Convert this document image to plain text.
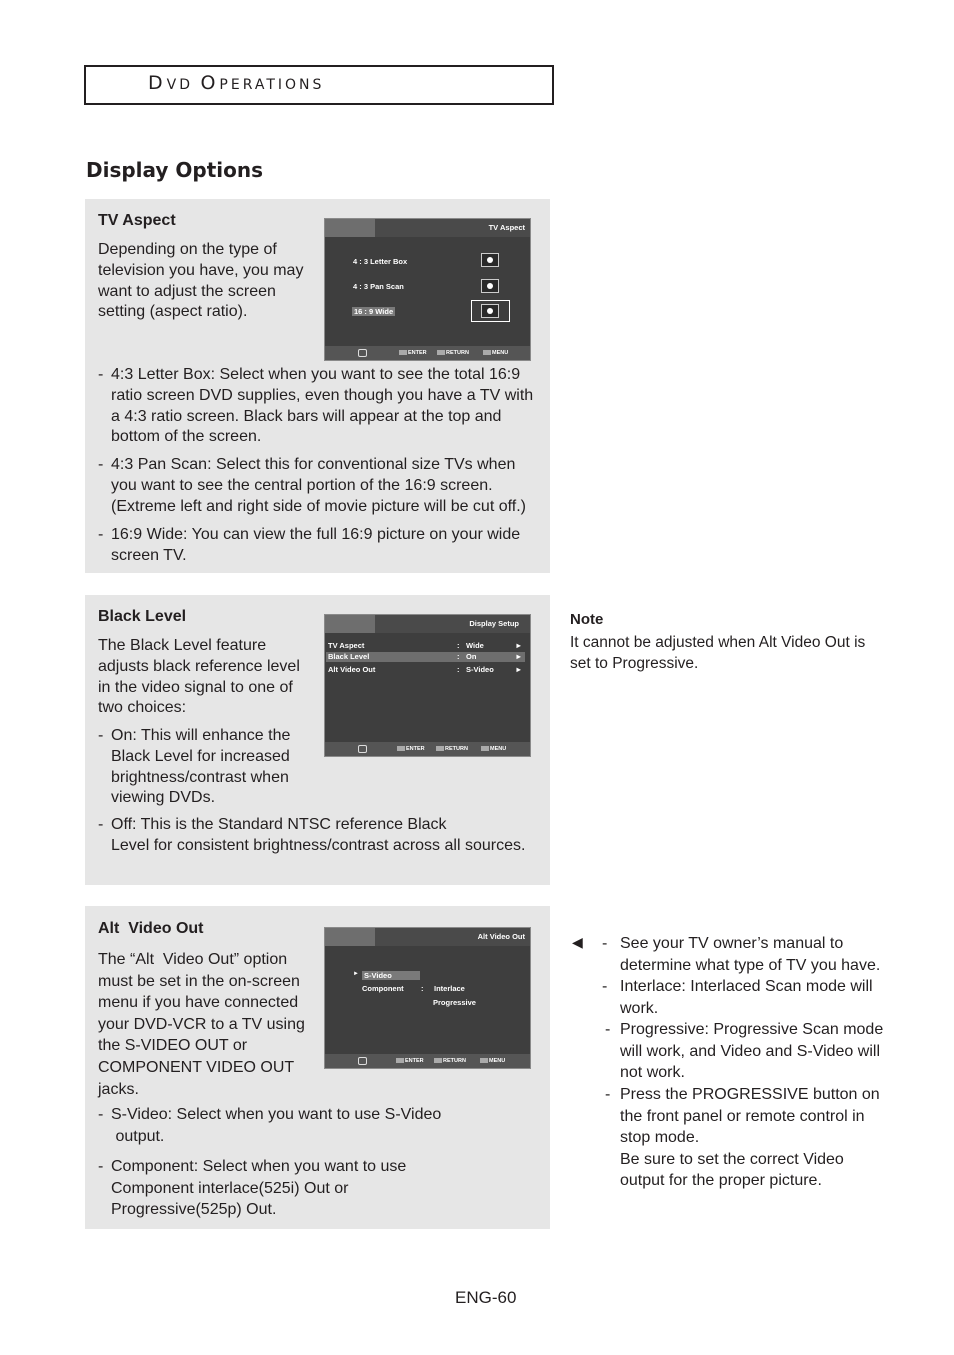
DVD OPERATIONS
Display Options
TV Aspect
Depending on the type of
television you have, you may
want to adjust the screen
setting (aspect ratio).
TV Aspect
4 : 3 Letter Box
4 : 3 Pan Scan
16 : 9 Wide
ENTER	RETURN	MENU
- 4:3 Letter Box: Select when you want to see the total 16:9
ratio screen DVD supplies, even though you have a TV with
a 4:3 ratio screen. Black bars will appear at the top and
bottom of the screen.
- 4:3 Pan Scan: Select this for conventional size TVs when
you want to see the central portion of the 16:9 screen.
(Extreme left and right side of movie picture will be cut off.)
- 16:9 Wide: You can view the full 16:9 picture on your wide
screen TV.
Black Level
The Black Level feature
adjusts black reference level
in the video signal to one of
two choices:
Display Setup
TV Aspect	: Wide	►
Black Level	: On	►
Alt Video Out	: S-Video	►
ENTER	RETURN	MENU
- On: This will enhance the
Black Level for increased
brightness/contrast when
viewing DVDs.
- Off: This is the Standard NTSC reference Black
Level for consistent brightness/contrast across all sources.
Note
It cannot be adjusted when Alt Video Out is
set to Progressive.
Alt  Video Out
The “Alt  Video Out” option
must be set in the on-screen
menu if you have connected
your DVD-VCR to a TV using
the S-VIDEO OUT or
COMPONENT VIDEO OUT
jacks.
Alt Video Out
► S-Video
Component : Interlace
Progressive
ENTER	RETURN	MENU
- S-Video: Select when you want to use S-Video
output.
- Component: Select when you want to use
Component interlace(525i) Out or
Progressive(525p) Out.
◀ - See your TV owner’s manual to
determine what type of TV you have.
- Interlace: Interlaced Scan mode will
work.
- Progressive: Progressive Scan mode
will work, and Video and S-Video will
not work.
- Press the PROGRESSIVE button on
the front panel or remote control in
stop mode.
Be sure to set the correct Video
output for the proper picture.
ENG-60
